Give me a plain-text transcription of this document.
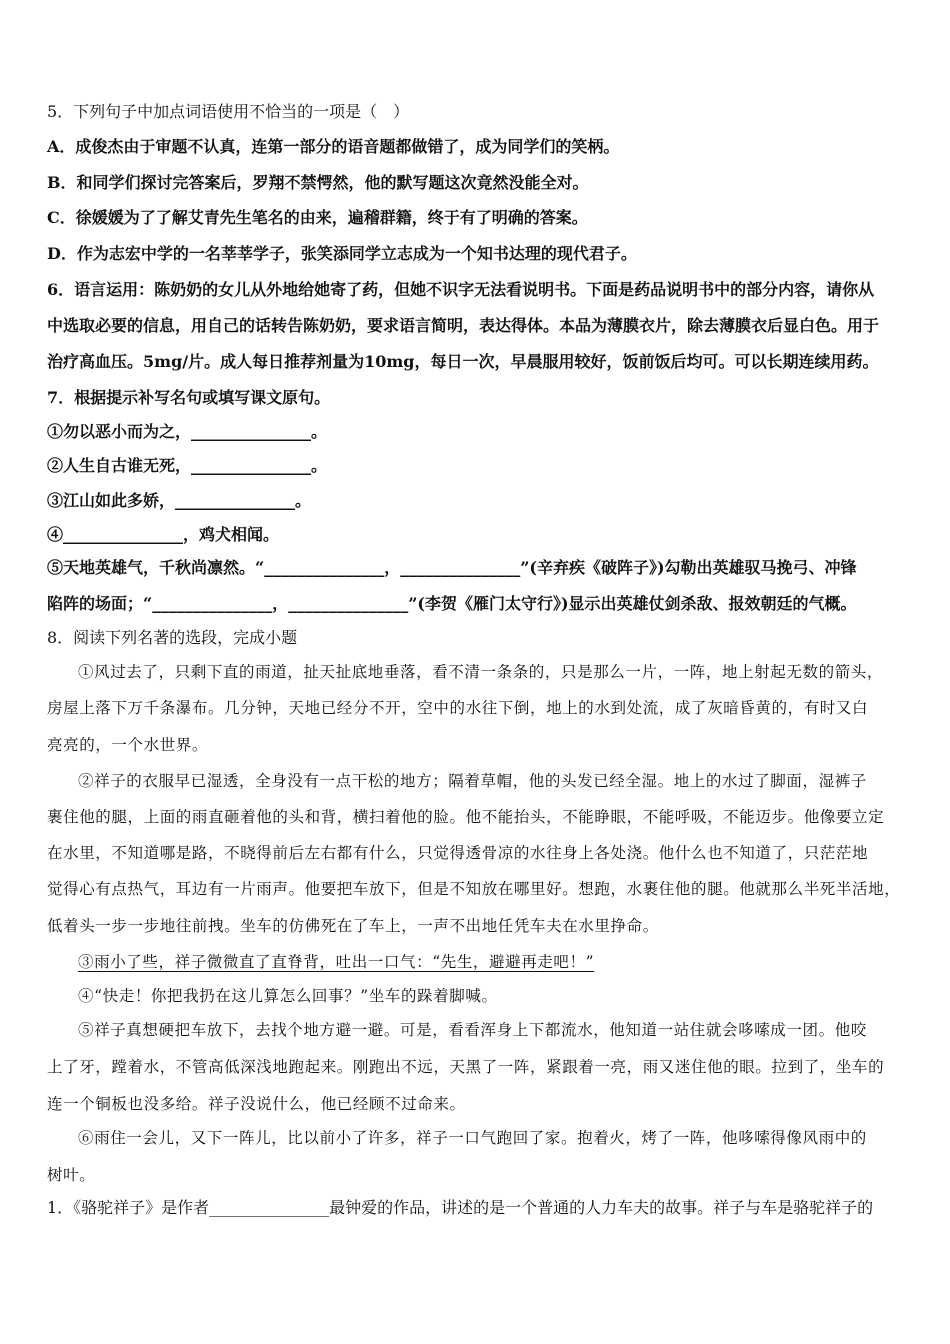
5．下列句子中加点词语使用不恰当的一项是（　）
A．成俊杰由于审题不认真，连第一部分的语音题都做错了，成为同学们的笑柄。
B．和同学们探讨完答案后，罗翔不禁愕然，他的默写题这次竟然没能全对。
C．徐媛媛为了了解艾青先生笔名的由来，遍稽群籍，终于有了明确的答案。
D．作为志宏中学的一名莘莘学子，张笑添同学立志成为一个知书达理的现代君子。
6．语言运用：陈奶奶的女儿从外地给她寄了药，但她不识字无法看说明书。下面是药品说明书中的部分内容，请你从
中选取必要的信息，用自己的话转告陈奶奶，要求语言简明，表达得体。本品为薄膜衣片，除去薄膜衣后显白色。用于
治疗高血压。5mg/片。成人每日推荐剂量为10mg，每日一次，早晨服用较好，饭前饭后均可。可以长期连续用药。
7．根据提示补写名句或填写课文原句。
①勿以恶小而为之，_______________。
②人生自古谁无死，_______________。
③江山如此多娇，_______________。
④_______________，鸡犬相闻。
⑤天地英雄气，千秋尚凛然。“_______________，_______________”(辛弃疾《破阵子》)勾勒出英雄驭马挽弓、冲锋
陷阵的场面；“_______________，_______________”(李贺《雁门太守行》)显示出英雄仗剑杀敌、报效朝廷的气概。
8．阅读下列名著的选段，完成小题
①风过去了，只剩下直的雨道，扯天扯底地垂落，看不清一条条的，只是那么一片，一阵，地上射起无数的箭头，
房屋上落下万千条瀑布。几分钟，天地已经分不开，空中的水往下倒，地上的水到处流，成了灰暗昏黄的，有时又白
亮亮的，一个水世界。
②祥子的衣服早已湿透，全身没有一点干松的地方；隔着草帽，他的头发已经全湿。地上的水过了脚面，湿裤子
裹住他的腿，上面的雨直砸着他的头和背，横扫着他的脸。他不能抬头，不能睁眼，不能呼吸，不能迈步。他像要立定
在水里，不知道哪是路，不晓得前后左右都有什么，只觉得透骨凉的水往身上各处浇。他什么也不知道了，只茫茫地
觉得心有点热气，耳边有一片雨声。他要把车放下，但是不知放在哪里好。想跑，水裹住他的腿。他就那么半死半活地，
低着头一步一步地往前拽。坐车的仿佛死在了车上，一声不出地任凭车夫在水里挣命。
③雨小了些，祥子微微直了直脊背，吐出一口气：“先生，避避再走吧！”
④“快走！你把我扔在这儿算怎么回事？”坐车的跺着脚喊。
⑤祥子真想硬把车放下，去找个地方避一避。可是，看看浑身上下都流水，他知道一站住就会哆嗦成一团。他咬
上了牙，蹚着水，不管高低深浅地跑起来。刚跑出不远，天黑了一阵，紧跟着一亮，雨又迷住他的眼。拉到了，坐车的
连一个铜板也没多给。祥子没说什么，他已经顾不过命来。
⑥雨住一会儿，又下一阵儿，比以前小了许多，祥子一口气跑回了家。抱着火，烤了一阵，他哆嗦得像风雨中的
树叶。
1．《骆驼祥子》是作者_______________最钟爱的作品，讲述的是一个普通的人力车夫的故事。祥子与车是骆驼祥子的
